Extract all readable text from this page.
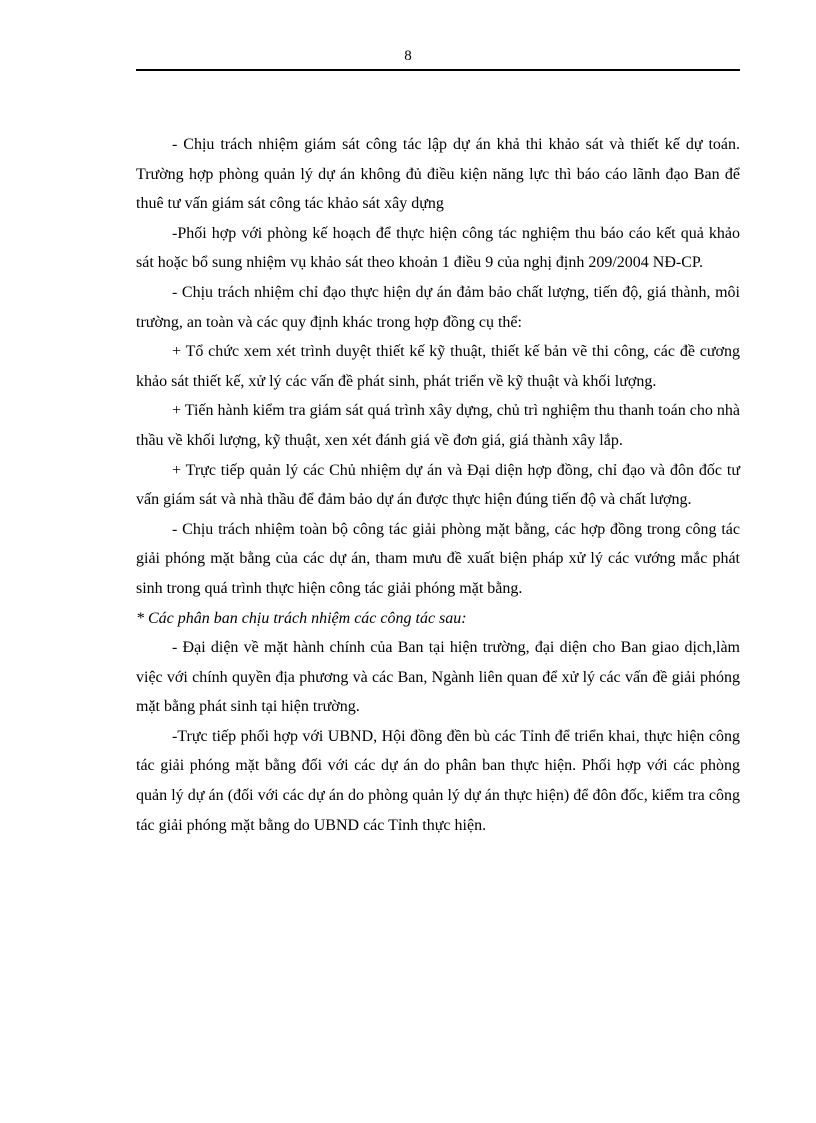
8

- Chịu trách nhiệm giám sát công tác lập dự án khả thi khảo sát và thiết kế dự toán. Trường hợp phòng quản lý dự án không đủ điều kiện năng lực thì báo cáo lãnh đạo Ban để thuê tư vấn giám sát công tác khảo sát xây dựng

-Phối hợp với phòng kế hoạch để thực hiện công tác nghiệm thu báo cáo kết quả khảo sát hoặc bổ sung nhiệm vụ khảo sát theo khoản 1 điều 9 của nghị định 209/2004 NĐ-CP.

- Chịu trách nhiệm chỉ đạo thực hiện dự án đảm bảo chất lượng, tiến độ, giá thành, môi trường, an toàn và các quy định khác trong hợp đồng cụ thể:

+ Tổ chức xem xét trình duyệt thiết kế kỹ thuật, thiết kế bản vẽ thi công, các đề cương khảo sát thiết kế, xử lý các vấn đề phát sinh, phát triển về kỹ thuật và khối lượng.

+ Tiến hành kiểm tra giám sát quá trình xây dựng, chủ trì nghiệm thu thanh toán cho nhà thầu về khối lượng, kỹ thuật, xen xét đánh giá về đơn giá, giá thành xây lắp.

+ Trực tiếp quản lý các Chủ nhiệm dự án và Đại diện hợp đồng, chỉ đạo và đôn đốc tư vấn giám sát và nhà thầu để đảm bảo dự án được thực hiện đúng tiến độ và chất lượng.

- Chịu trách nhiệm toàn bộ công tác giải phòng mặt bằng, các hợp đồng trong công tác giải phóng mặt bằng của các dự án, tham mưu đề xuất biện pháp xử lý các vướng mắc phát sinh trong quá trình thực hiện công tác giải phóng mặt bằng.

* Các phân ban chịu trách nhiệm các công tác sau:

- Đại diện về mặt hành chính của Ban tại hiện trường, đại diện cho Ban giao dịch,làm việc với chính quyền địa phương và các Ban, Ngành liên quan để xử lý các vấn đề giải phóng mặt bằng phát sinh tại hiện trường.

-Trực tiếp phối hợp với UBND, Hội đồng đền bù các Tỉnh để triển khai, thực hiện công tác giải phóng mặt bằng đối với các dự án do phân ban thực hiện. Phối hợp với các phòng quản lý dự án (đối với các dự án do phòng quản lý dự án thực hiện) để đôn đốc, kiểm tra công tác giải phóng mặt bằng do UBND các Tỉnh thực hiện.
